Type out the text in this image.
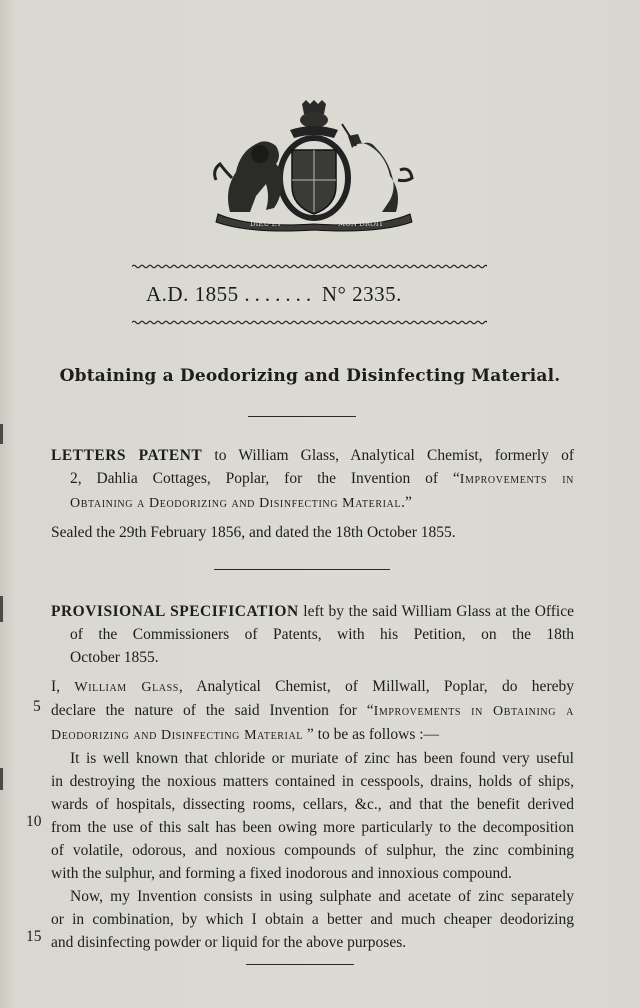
DIEU ET	MON DROIT
A.D. 1855 ....... N° 2335.
Obtaining a Deodorizing and Disinfecting Material.
LETTERS PATENT to William Glass, Analytical Chemist, formerly of
2, Dahlia Cottages, Poplar, for the Invention of “Improvements in
Obtaining a Deodorizing and Disinfecting Material.”
Sealed the 29th February 1856, and dated the 18th October 1855.
PROVISIONAL SPECIFICATION left by the said William Glass at the Office
of the Commissioners of Patents, with his Petition, on the 18th
October 1855.
I, William Glass, Analytical Chemist, of Millwall, Poplar, do hereby
declare the nature of the said Invention for “Improvements in Obtaining a
Deodorizing and Disinfecting Material ” to be as follows :—
It is well known that chloride or muriate of zinc has been found very useful
in destroying the noxious matters contained in cesspools, drains, holds of ships,
wards of hospitals, dissecting rooms, cellars, &c., and that the benefit derived
from the use of this salt has been owing more particularly to the decomposition
of volatile, odorous, and noxious compounds of sulphur, the zinc combining
with the sulphur, and forming a fixed inodorous and innoxious compound.
Now, my Invention consists in using sulphate and acetate of zinc separately
or in combination, by which I obtain a better and much cheaper deodorizing
and disinfecting powder or liquid for the above purposes.
5
10
15
